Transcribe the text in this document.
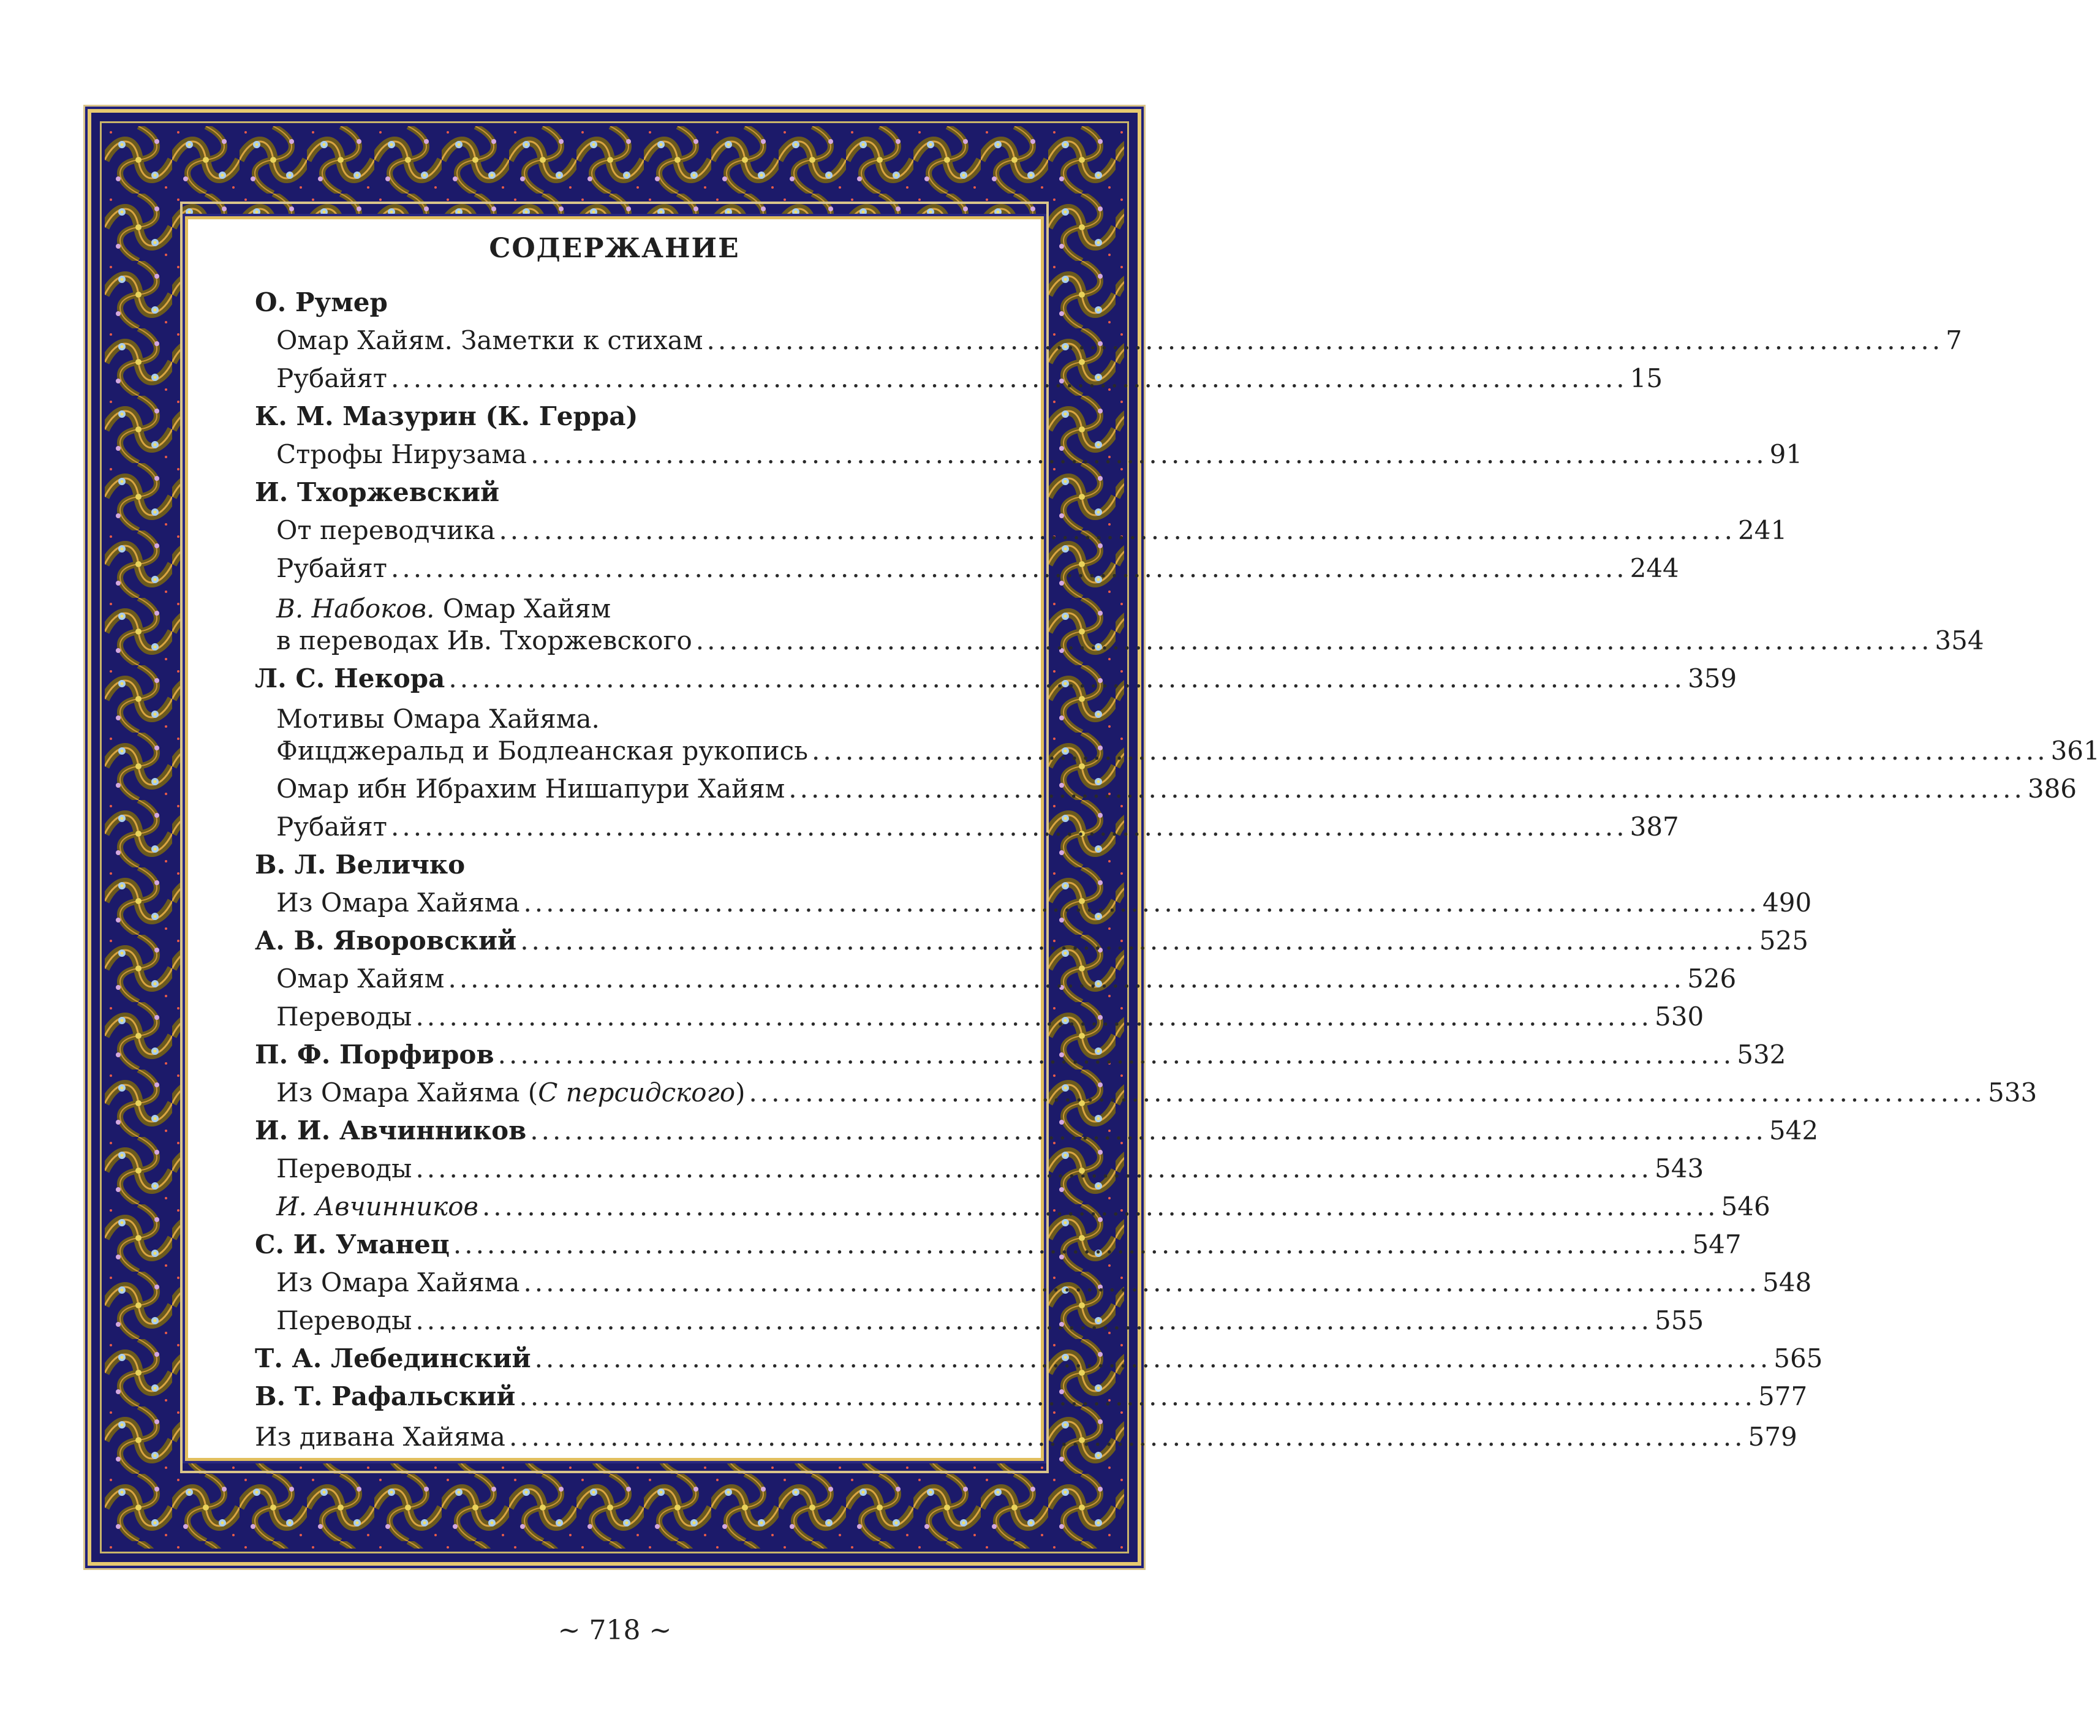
СОДЕРЖАНИЕ
О. Румер
Омар Хайям. Заметки к стихам .............................................................................................................. 7
Рубайят .............................................................................................................. 15
К. М. Мазурин (К. Герра)
Строфы Нирузама .............................................................................................................. 91
И. Тхоржевский
От переводчика .............................................................................................................. 241
Рубайят .............................................................................................................. 244
В. Набоков. Омар Хайям
в переводах Ив. Тхоржевского .............................................................................................................. 354
Л. С. Некора .............................................................................................................. 359
Мотивы Омара Хайяма.
Фицджеральд и Бодлеанская рукопись .............................................................................................................. 361
Омар ибн Ибрахим Нишапури Хайям .............................................................................................................. 386
Рубайят .............................................................................................................. 387
В. Л. Величко
Из Омара Хайяма .............................................................................................................. 490
А. В. Яворовский .............................................................................................................. 525
Омар Хайям .............................................................................................................. 526
Переводы .............................................................................................................. 530
П. Ф. Порфиров .............................................................................................................. 532
Из Омара Хайяма (С персидского) .............................................................................................................. 533
И. И. Авчинников .............................................................................................................. 542
Переводы .............................................................................................................. 543
И. Авчинников .............................................................................................................. 546
С. И. Уманец .............................................................................................................. 547
Из Омара Хайяма .............................................................................................................. 548
Переводы .............................................................................................................. 555
Т. А. Лебединский .............................................................................................................. 565
В. Т. Рафальский .............................................................................................................. 577
Из дивана Хайяма .............................................................................................................. 579
~ 718 ~
